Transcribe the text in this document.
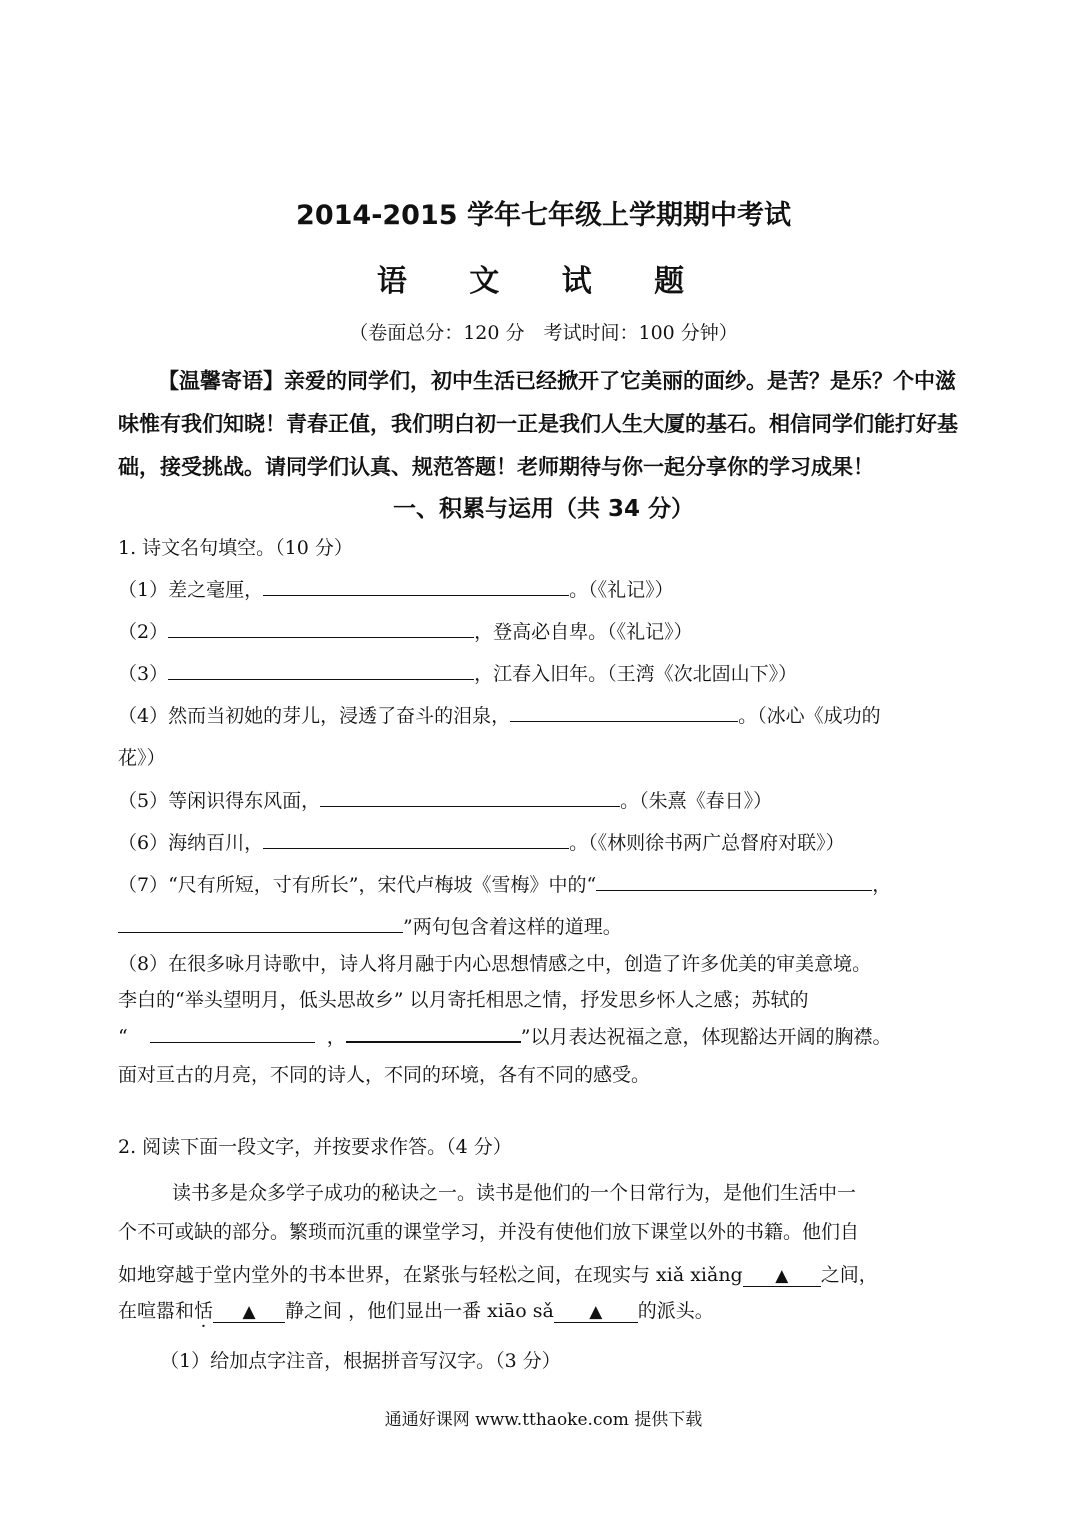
2014-2015 学年七年级上学期期中考试
语 文 试 题
（卷面总分：120 分　考试时间：100 分钟）
【温馨寄语】亲爱的同学们，初中生活已经掀开了它美丽的面纱。是苦？是乐？个中滋味惟有我们知晓！青春正值，我们明白初一正是我们人生大厦的基石。相信同学们能打好基础，接受挑战。请同学们认真、规范答题！老师期待与你一起分享你的学习成果！
一、积累与运用（共 34 分）
1. 诗文名句填空。（10 分）
（1）差之毫厘，	。（《礼记》）
（2）	，登高必自卑。（《礼记》）
（3）	，江春入旧年。（王湾《次北固山下》）
（4）然而当初她的芽儿，浸透了奋斗的泪泉，	。（冰心《成功的
花》）
（5）等闲识得东风面，	。（朱熹《春日》）
（6）海纳百川，	。（《林则徐书两广总督府对联》）
（7）“尺有所短，寸有所长”，宋代卢梅坡《雪梅》中的“	，
”两句包含着这样的道理。
（8）在很多咏月诗歌中，诗人将月融于内心思想情感之中，创造了许多优美的审美意境。
李白的“举头望明月，低头思故乡” 以月寄托相思之情，抒发思乡怀人之感；苏轼的
“	，	”以月表达祝福之意，体现豁达开阔的胸襟。
面对亘古的月亮，不同的诗人，不同的环境，各有不同的感受。
2. 阅读下面一段文字，并按要求作答。（4 分）
读书多是众多学子成功的秘诀之一。读书是他们的一个日常行为，是他们生活中一
个不可或缺的部分。繁琐而沉重的课堂学习，并没有使他们放下课堂以外的书籍。他们自
如地穿越于堂内堂外的书本世界，在紧张与轻松之间，在现实与 xiǎ xiǎng ▲ 之间，
在喧嚣和恬 ▲ 静之间 ，他们显出一番 xiāo sǎ ▲ 的派头。
（1）给加点字注音，根据拼音写汉字。（3 分）
通通好课网 www.tthaoke.com 提供下载
